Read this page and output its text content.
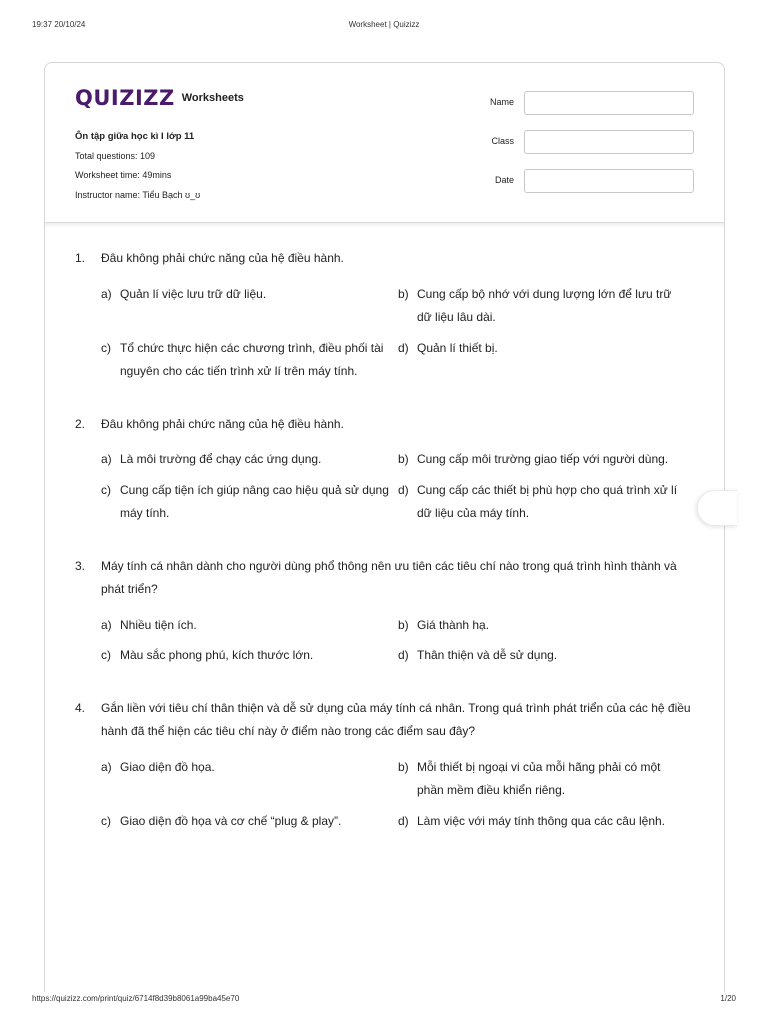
19:37 20/10/24	Worksheet | Quizizz
QUIZIZZ Worksheets
Ôn tập giữa học kì I lớp 11
Total questions: 109
Worksheet time: 49mins
Instructor name: Tiểu Bạch ʊ_ʊ
Name
Class
Date
1.	Đâu không phải chức năng của hệ điều hành.
a) Quản lí việc lưu trữ dữ liệu.	b) Cung cấp bộ nhớ với dung lượng lớn để lưu trữ dữ liệu lâu dài.
c) Tổ chức thực hiện các chương trình, điều phối tài nguyên cho các tiến trình xử lí trên máy tính.
d) Quản lí thiết bị.
2.	Đâu không phải chức năng của hệ điều hành.
a) Là môi trường để chạy các ứng dụng.	b) Cung cấp môi trường giao tiếp với người dùng.
c) Cung cấp tiện ích giúp nâng cao hiệu quả sử dụng máy tính.
d) Cung cấp các thiết bị phù hợp cho quá trình xử lí dữ liệu của máy tính.
3.	Máy tính cá nhân dành cho người dùng phổ thông nên ưu tiên các tiêu chí nào trong quá trình hình thành và phát triển?
a) Nhiều tiện ích.	b) Giá thành hạ.
c) Màu sắc phong phú, kích thước lớn.	d) Thân thiện và dễ sử dụng.
4.	Gắn liền với tiêu chí thân thiện và dễ sử dụng của máy tính cá nhân. Trong quá trình phát triển của các hệ điều hành đã thể hiện các tiêu chí này ở điểm nào trong các điểm sau đây?
a) Giao diện đồ họa.	b) Mỗi thiết bị ngoại vi của mỗi hãng phải có một phần mềm điều khiển riêng.
c) Giao diện đồ họa và cơ chế “plug & play”.	d) Làm việc với máy tính thông qua các câu lệnh.
https://quizizz.com/print/quiz/6714f8d39b8061a99ba45e70	1/20
